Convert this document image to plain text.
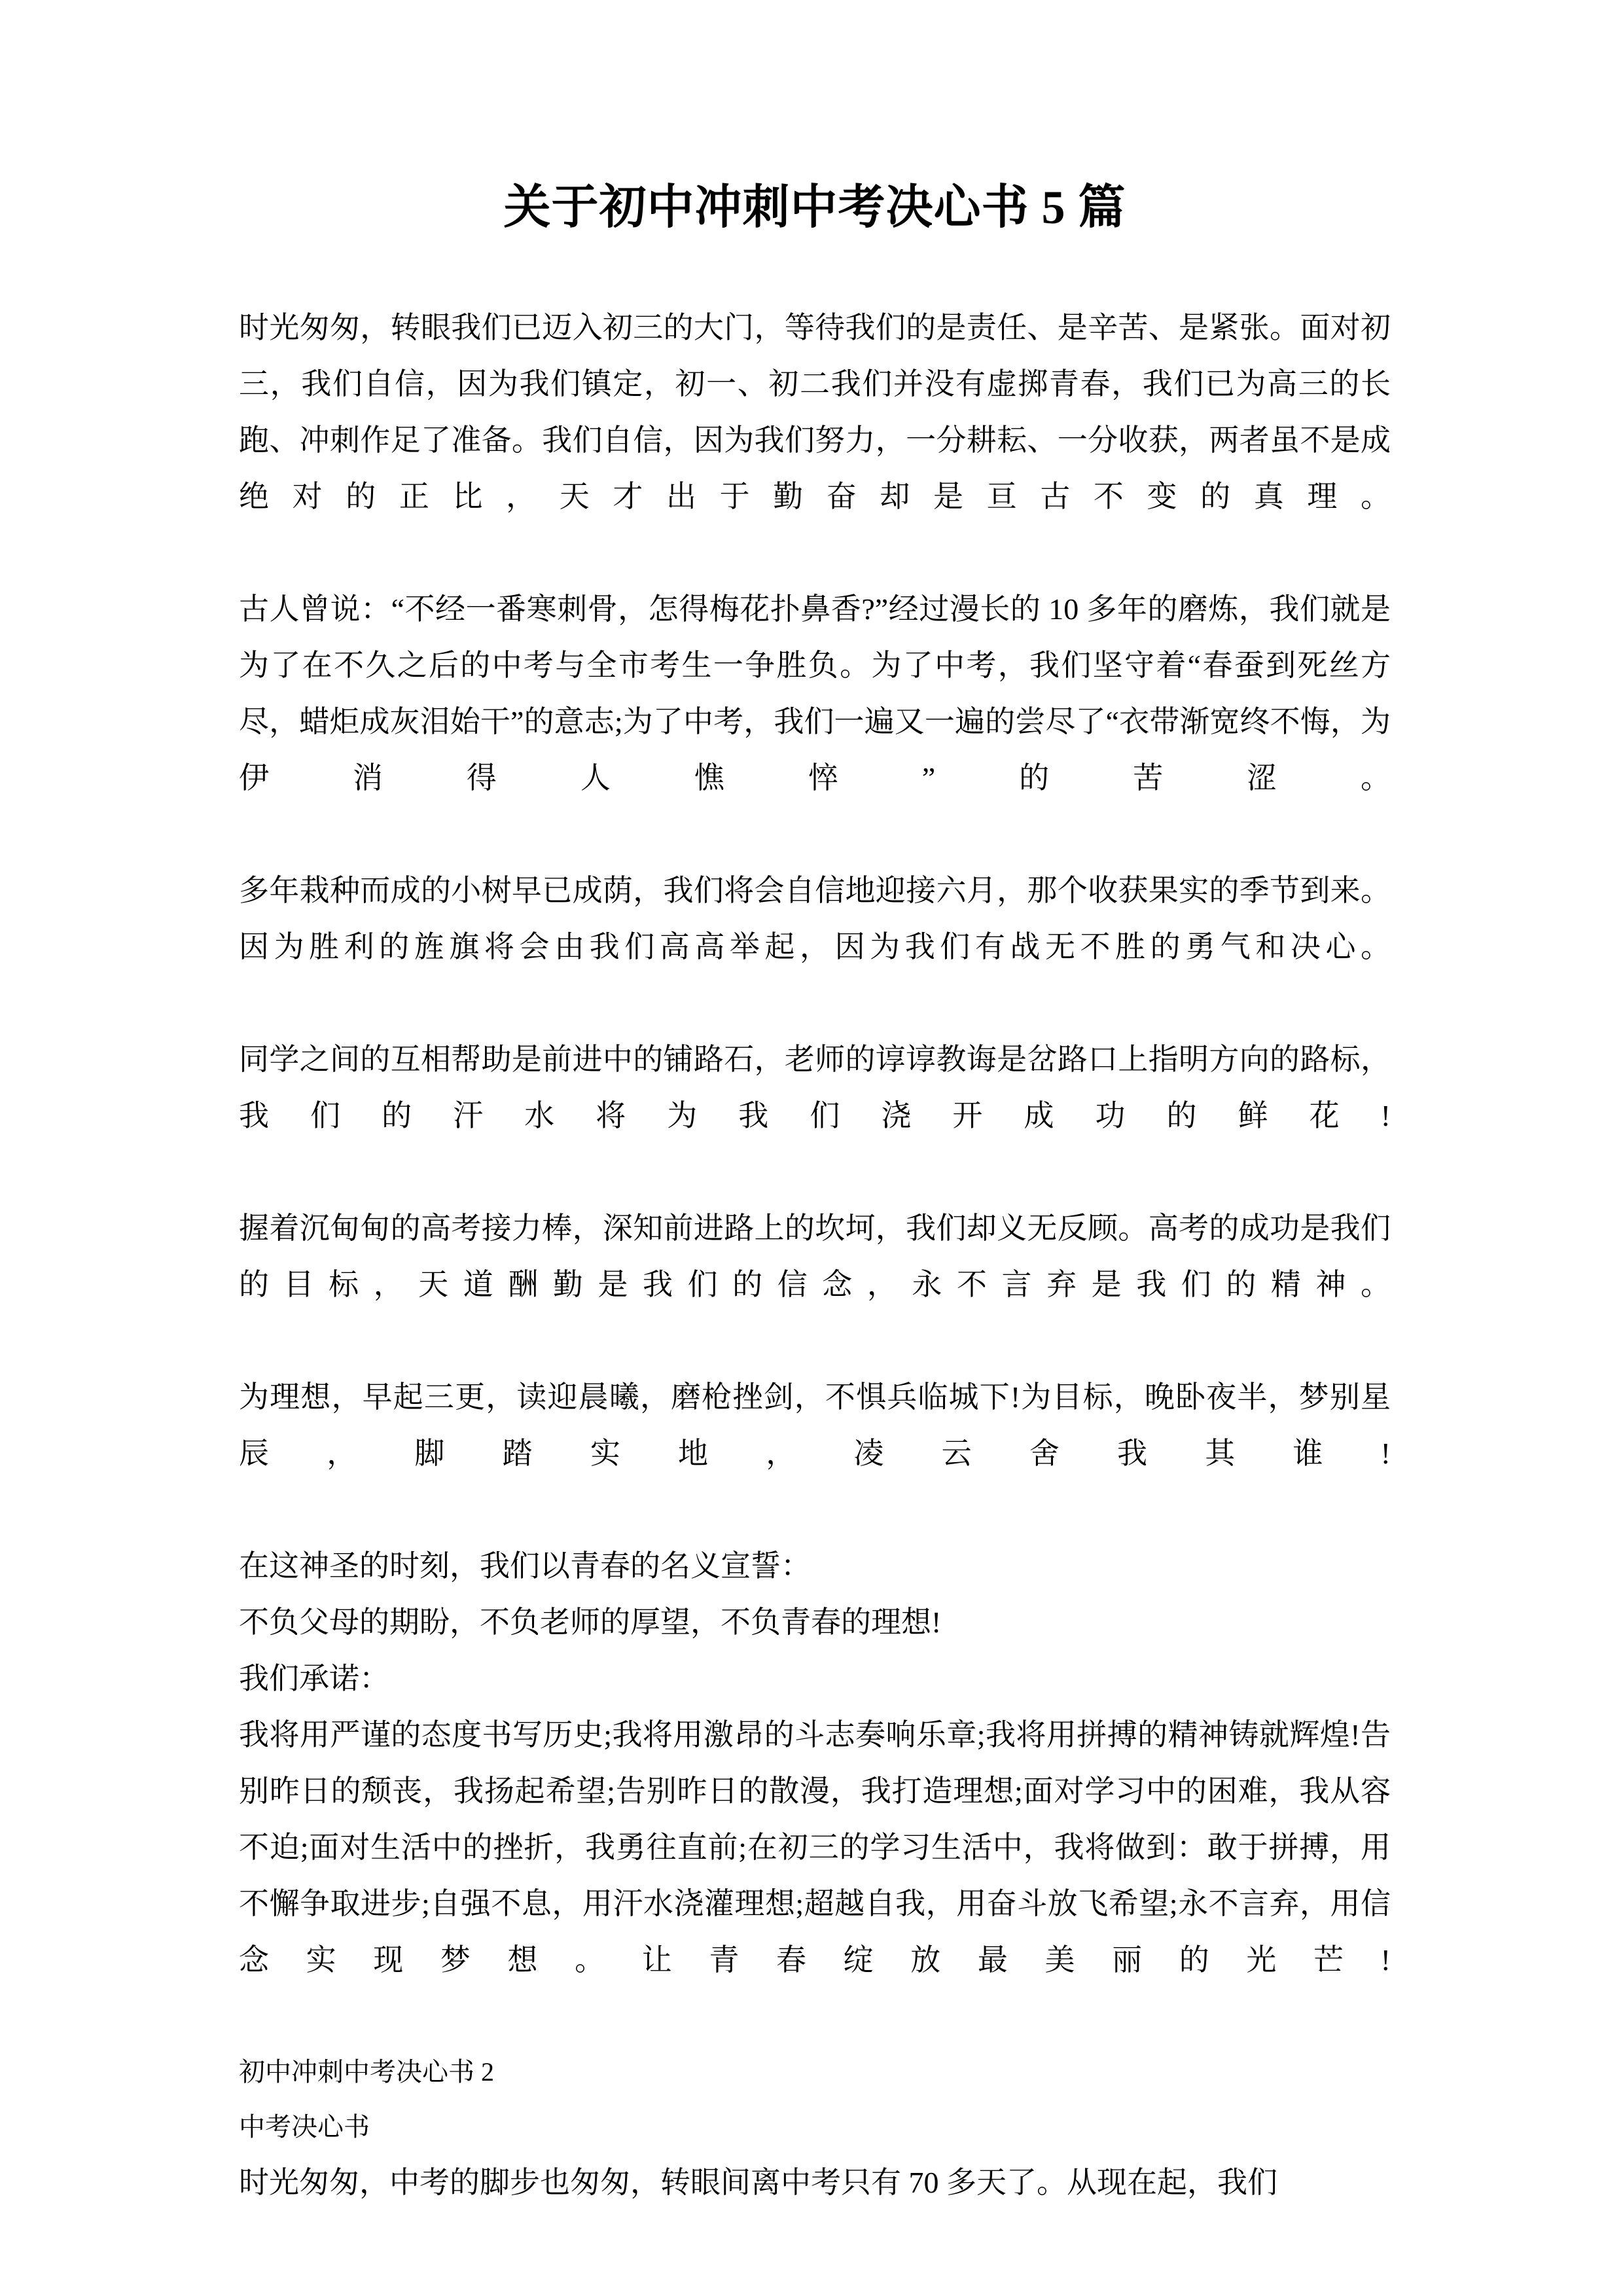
关于初中冲刺中考决心书 5 篇

时光匆匆，转眼我们已迈入初三的大门，等待我们的是责任、是辛苦、是紧张。面对初三，我们自信，因为我们镇定，初一、初二我们并没有虚掷青春，我们已为高三的长跑、冲刺作足了准备。我们自信，因为我们努力，一分耕耘、一分收获，两者虽不是成绝对的正比，天才出于勤奋却是亘古不变的真理。

古人曾说：“不经一番寒刺骨，怎得梅花扑鼻香?”经过漫长的 10 多年的磨炼，我们就是为了在不久之后的中考与全市考生一争胜负。为了中考，我们坚守着“春蚕到死丝方尽，蜡炬成灰泪始干”的意志;为了中考，我们一遍又一遍的尝尽了“衣带渐宽终不悔，为伊消得人憔悴”的苦涩。

多年栽种而成的小树早已成荫，我们将会自信地迎接六月，那个收获果实的季节到来。因为胜利的旌旗将会由我们高高举起，因为我们有战无不胜的勇气和决心。

同学之间的互相帮助是前进中的铺路石，老师的谆谆教诲是岔路口上指明方向的路标，我们的汗水将为我们浇开成功的鲜花!

握着沉甸甸的高考接力棒，深知前进路上的坎坷，我们却义无反顾。高考的成功是我们的目标，天道酬勤是我们的信念，永不言弃是我们的精神。

为理想，早起三更，读迎晨曦，磨枪挫剑，不惧兵临城下!为目标，晚卧夜半，梦别星辰，脚踏实地，凌云舍我其谁!

在这神圣的时刻，我们以青春的名义宣誓：

不负父母的期盼，不负老师的厚望，不负青春的理想!

我们承诺：

我将用严谨的态度书写历史;我将用激昂的斗志奏响乐章;我将用拼搏的精神铸就辉煌!告别昨日的颓丧，我扬起希望;告别昨日的散漫，我打造理想;面对学习中的困难，我从容不迫;面对生活中的挫折，我勇往直前;在初三的学习生活中，我将做到：敢于拼搏，用不懈争取进步;自强不息，用汗水浇灌理想;超越自我，用奋斗放飞希望;永不言弃，用信念实现梦想。让青春绽放最美丽的光芒!

初中冲刺中考决心书 2

中考决心书

时光匆匆，中考的脚步也匆匆，转眼间离中考只有 70 多天了。从现在起，我们
